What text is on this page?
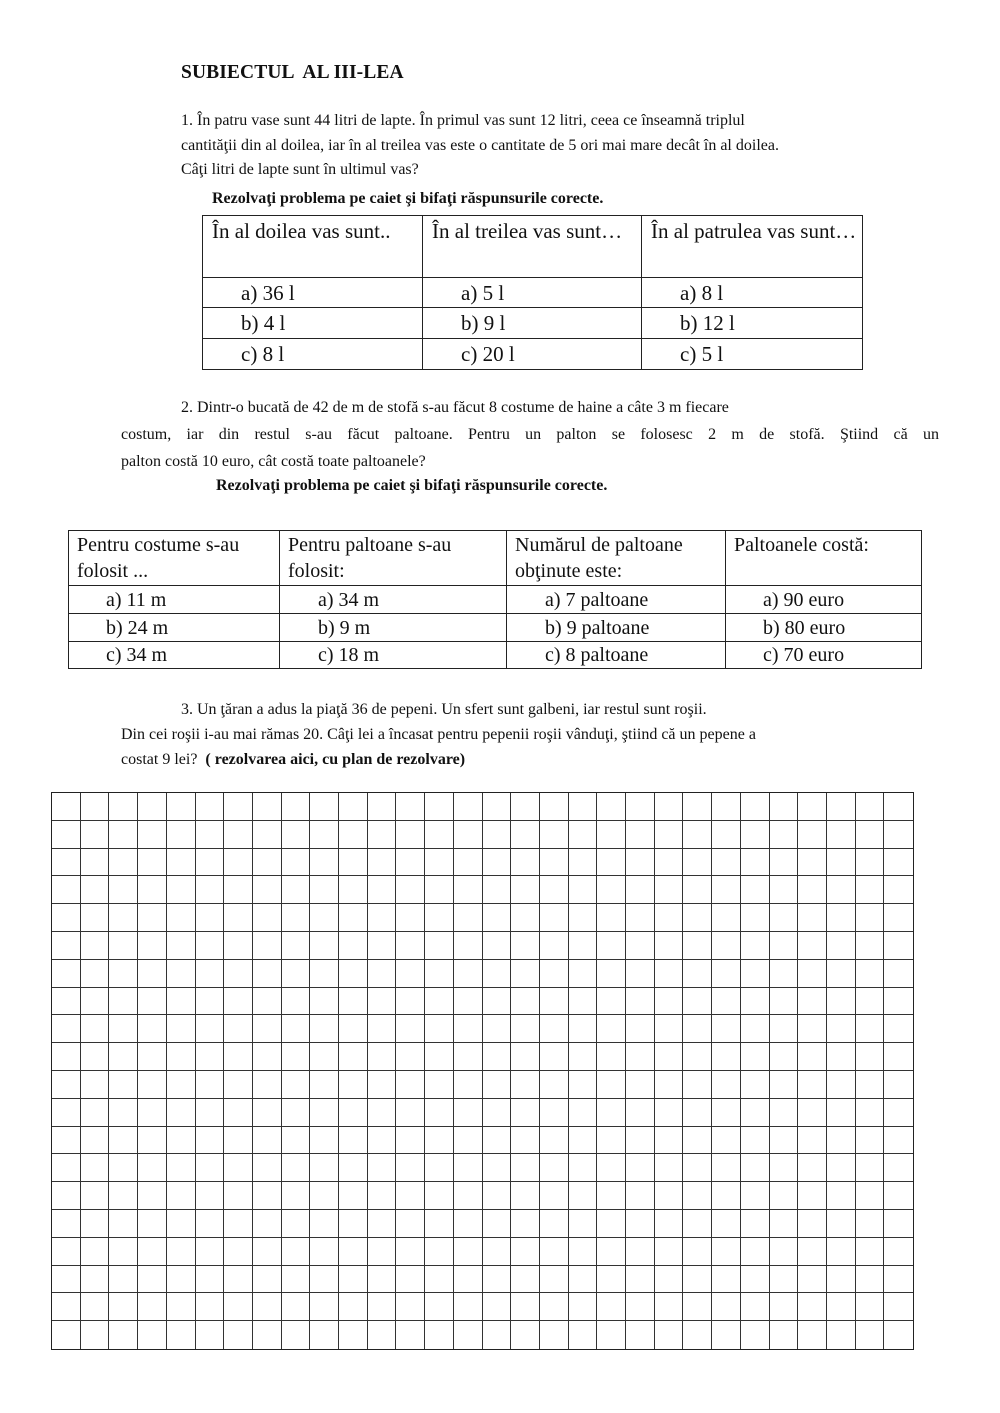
SUBIECTUL  AL III-LEA
1. În patru vase sunt 44 litri de lapte. În primul vas sunt 12 litri, ceea ce înseamnă triplul
cantităţii din al doilea, iar în al treilea vas este o cantitate de 5 ori mai mare decât în al doilea.
Câţi litri de lapte sunt în ultimul vas?
Rezolvaţi problema pe caiet şi bifaţi răspunsurile corecte.
În al doilea vas sunt..	În al treilea vas sunt…	În al patrulea vas sunt…
a) 36 l	a) 5 l	a) 8 l
b) 4 l	b) 9 l	b) 12 l
c) 8 l	c) 20 l	c) 5 l
2. Dintr-o bucată de 42 de m de stofă s-au făcut 8 costume de haine a câte 3 m fiecare
costum, iar din restul s-au făcut paltoane. Pentru un palton se folosesc 2 m de stofă. Ştiind că un
palton costă 10 euro, cât costă toate paltoanele?
Rezolvaţi problema pe caiet şi bifaţi răspunsurile corecte.
Pentru costume s-au folosit ...	Pentru paltoane s-au folosit:	Numărul de paltoane obţinute este:	Paltoanele costă:
a) 11 m	a) 34 m	a) 7 paltoane	a) 90 euro
b) 24 m	b) 9 m	b) 9 paltoane	b) 80 euro
c) 34 m	c) 18 m	c) 8 paltoane	c) 70 euro
3. Un ţăran a adus la piaţă 36 de pepeni. Un sfert sunt galbeni, iar restul sunt roşii.
Din cei roşii i-au mai rămas 20. Câţi lei a încasat pentru pepenii roşii vânduţi, ştiind că un pepene a
costat 9 lei?  ( rezolvarea aici, cu plan de rezolvare)
